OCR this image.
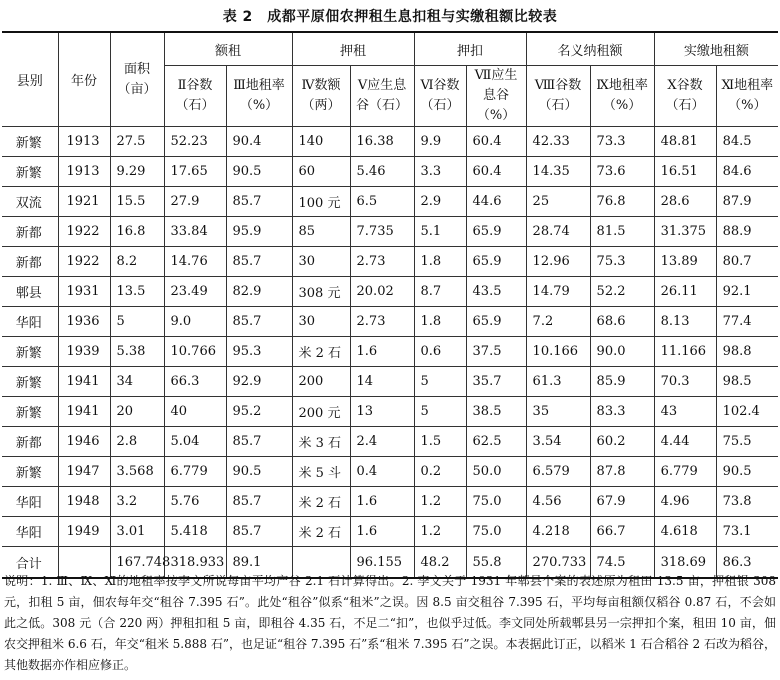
表 2　成都平原佃农押租生息扣租与实缴租额比较表
县别	年份	面积（亩）	额租		押租		押扣		名义纳租额		实缴地租额	
			Ⅱ谷数（石）	Ⅲ地租率（%）	Ⅳ数额（两）	Ⅴ应生息谷（石）	Ⅵ谷数（石）	Ⅶ应生息谷（%）	Ⅷ谷数（石）	Ⅸ地租率（%）	Ⅹ谷数（石）	Ⅺ地租率（%）
新繁	1913	27.5	52.23	90.4	140	16.38	9.9	60.4	42.33	73.3	48.81	84.5
新繁	1913	9.29	17.65	90.5	60	5.46	3.3	60.4	14.35	73.6	16.51	84.6
双流	1921	15.5	27.9	85.7	100 元	6.5	2.9	44.6	25	76.8	28.6	87.9
新都	1922	16.8	33.84	95.9	85	7.735	5.1	65.9	28.74	81.5	31.375	88.9
新都	1922	8.2	14.76	85.7	30	2.73	1.8	65.9	12.96	75.3	13.89	80.7
郫县	1931	13.5	23.49	82.9	308 元	20.02	8.7	43.5	14.79	52.2	26.11	92.1
华阳	1936	5	9.0	85.7	30	2.73	1.8	65.9	7.2	68.6	8.13	77.4
新繁	1939	5.38	10.766	95.3	米 2 石	1.6	0.6	37.5	10.166	90.0	11.166	98.8
新繁	1941	34	66.3	92.9	200	14	5	35.7	61.3	85.9	70.3	98.5
新繁	1941	20	40	95.2	200 元	13	5	38.5	35	83.3	43	102.4
新都	1946	2.8	5.04	85.7	米 3 石	2.4	1.5	62.5	3.54	60.2	4.44	75.5
新繁	1947	3.568	6.779	90.5	米 5 斗	0.4	0.2	50.0	6.579	87.8	6.779	90.5
华阳	1948	3.2	5.76	85.7	米 2 石	1.6	1.2	75.0	4.56	67.9	4.96	73.8
华阳	1949	3.01	5.418	85.7	米 2 石	1.6	1.2	75.0	4.218	66.7	4.618	73.1
合计		167.748	318.933	89.1		96.155	48.2	55.8	270.733	74.5	318.69	86.3
说明：1. Ⅲ、Ⅸ、Ⅺ的地租率按李文所说每亩平均产谷 2.1 石计算得出。2. 李文关于 1931 年郫县个案的表述原为租田 13.5 亩，押租银 308 元，扣租 5 亩，佃农每年交“租谷 7.395 石”。此处“租谷”似系“租米”之误。因 8.5 亩交租谷 7.395 石，平均每亩租额仅稻谷 0.87 石，不会如此之低。308 元（合 220 两）押租扣租 5 亩，即租谷 4.35 石，不足二“扣”，也似乎过低。李文同处所载郫县另一宗押扣个案，租田 10 亩，佃农交押租米 6.6 石，年交“租米 5.888 石”，也足证“租谷 7.395 石”系“租米 7.395 石”之误。本表据此订正，以稻米 1 石合稻谷 2 石改为稻谷，其他数据亦作相应修正。
